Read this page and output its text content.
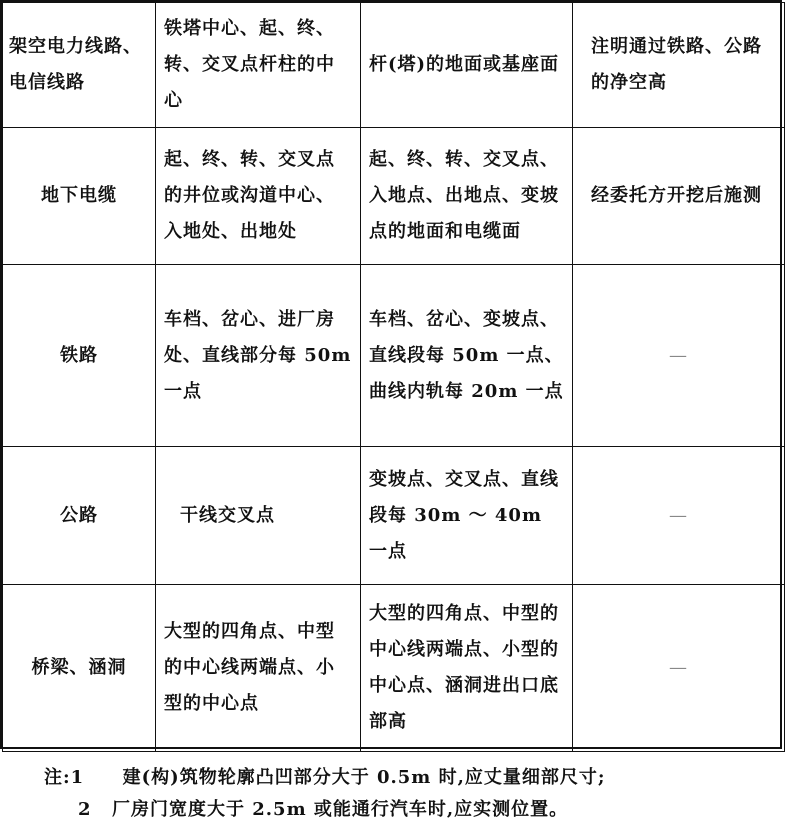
架空电力线路、电信线路	铁塔中心、起、终、转、交叉点杆柱的中心	杆(塔)的地面或基座面	注明通过铁路、公路的净空高

地下电缆	起、终、转、交叉点的井位或沟道中心、入地处、出地处	起、终、转、交叉点、入地点、出地点、变坡点的地面和电缆面	经委托方开挖后施测

铁路	车档、岔心、进厂房处、直线部分每 50m 一点	车档、岔心、变坡点、直线段每 50m 一点、曲线内轨每 20m 一点	—

公路	干线交叉点	变坡点、交叉点、直线段每 30m ～ 40m 一点	—

桥梁、涵洞	大型的四角点、中型的中心线两端点、小型的中心点	大型的四角点、中型的中心线两端点、小型的中心点、涵洞进出口底部高	—
注:1 建(构)筑物轮廓凸凹部分大于 0.5m 时,应丈量细部尺寸;
2 厂房门宽度大于 2.5m 或能通行汽车时,应实测位置。
